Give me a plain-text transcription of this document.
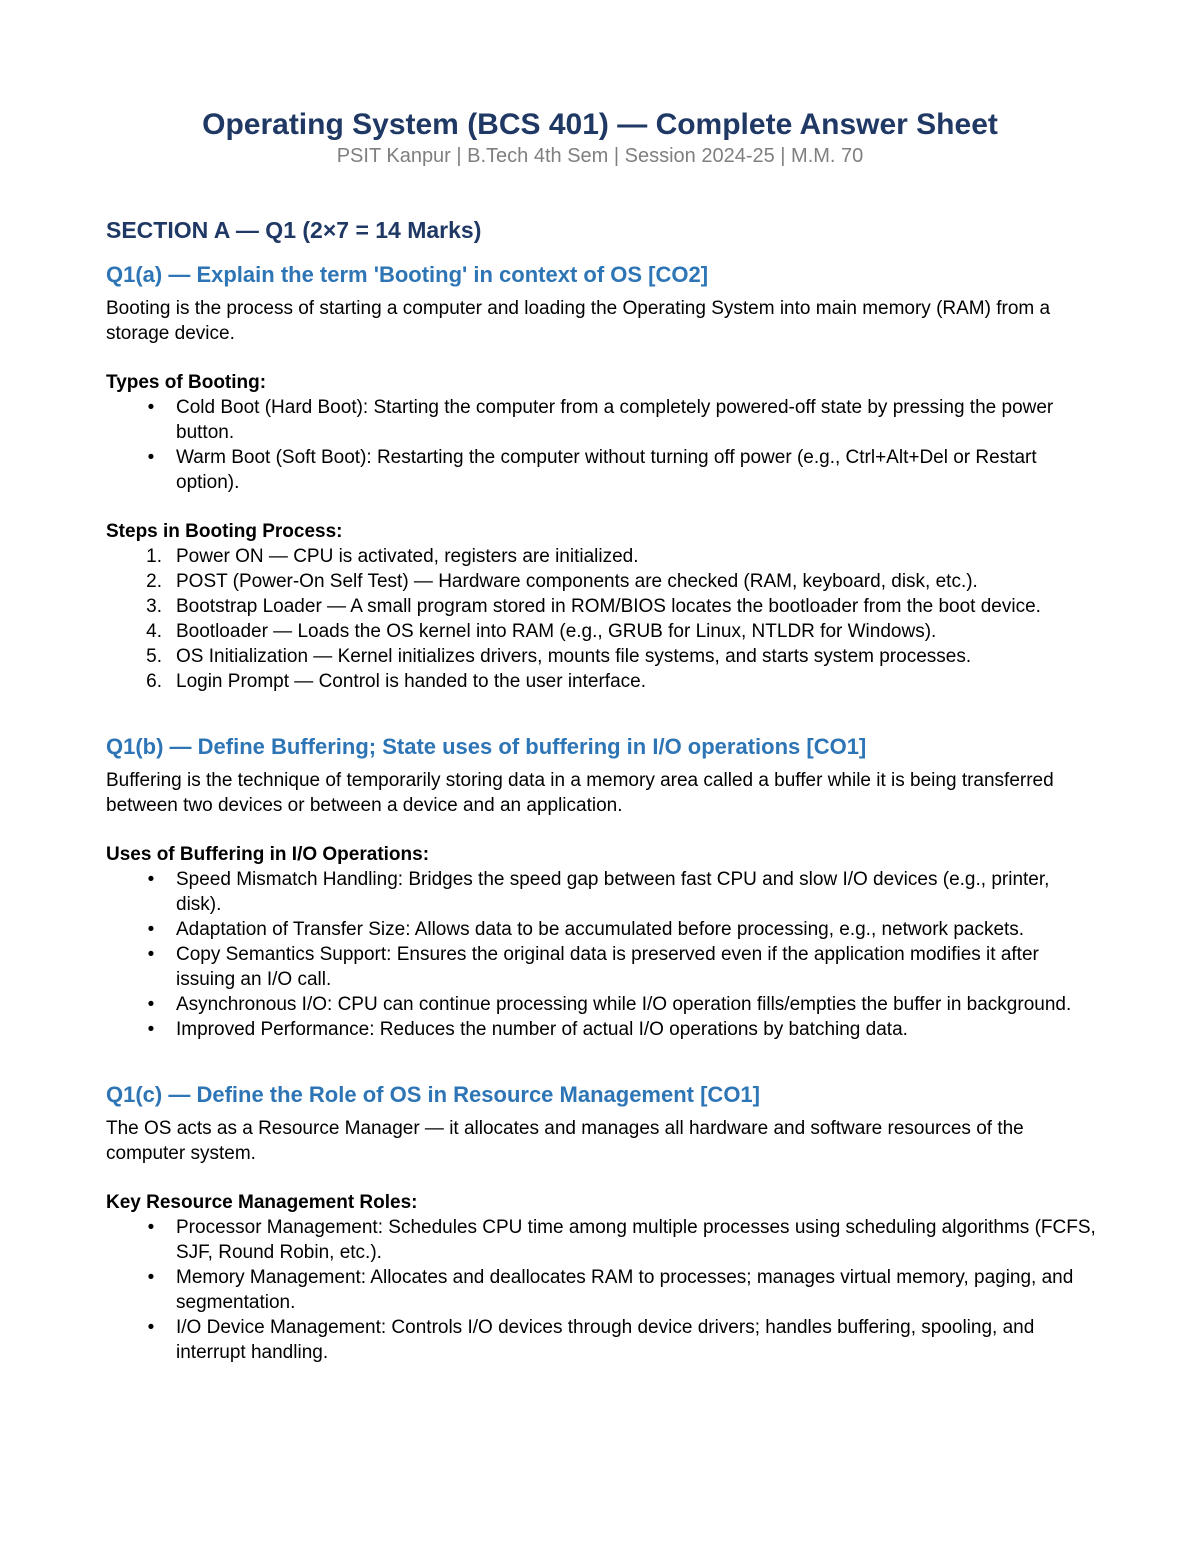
Operating System (BCS 401) — Complete Answer Sheet
PSIT Kanpur | B.Tech 4th Sem | Session 2024-25 | M.M. 70
SECTION A — Q1 (2×7 = 14 Marks)
Q1(a) — Explain the term 'Booting' in context of OS [CO2]

Booting is the process of starting a computer and loading the Operating System into main memory (RAM) from a storage device.

Types of Booting:

•	Cold Boot (Hard Boot): Starting the computer from a completely powered-off state by pressing the power button.
•	Warm Boot (Soft Boot): Restarting the computer without turning off power (e.g., Ctrl+Alt+Del or Restart option).

Steps in Booting Process:

1. Power ON — CPU is activated, registers are initialized.
2. POST (Power-On Self Test) — Hardware components are checked (RAM, keyboard, disk, etc.).
3. Bootstrap Loader — A small program stored in ROM/BIOS locates the bootloader from the boot device.
4. Bootloader — Loads the OS kernel into RAM (e.g., GRUB for Linux, NTLDR for Windows).
5. OS Initialization — Kernel initializes drivers, mounts file systems, and starts system processes.
6. Login Prompt — Control is handed to the user interface.
Q1(b) — Define Buffering; State uses of buffering in I/O operations [CO1]

Buffering is the technique of temporarily storing data in a memory area called a buffer while it is being transferred between two devices or between a device and an application.

Uses of Buffering in I/O Operations:

•	Speed Mismatch Handling: Bridges the speed gap between fast CPU and slow I/O devices (e.g., printer, disk).
•	Adaptation of Transfer Size: Allows data to be accumulated before processing, e.g., network packets.
•	Copy Semantics Support: Ensures the original data is preserved even if the application modifies it after issuing an I/O call.
•	Asynchronous I/O: CPU can continue processing while I/O operation fills/empties the buffer in background.
•	Improved Performance: Reduces the number of actual I/O operations by batching data.
Q1(c) — Define the Role of OS in Resource Management [CO1]

The OS acts as a Resource Manager — it allocates and manages all hardware and software resources of the computer system.

Key Resource Management Roles:

•	Processor Management: Schedules CPU time among multiple processes using scheduling algorithms (FCFS, SJF, Round Robin, etc.).
•	Memory Management: Allocates and deallocates RAM to processes; manages virtual memory, paging, and segmentation.
•	I/O Device Management: Controls I/O devices through device drivers; handles buffering, spooling, and interrupt handling.
